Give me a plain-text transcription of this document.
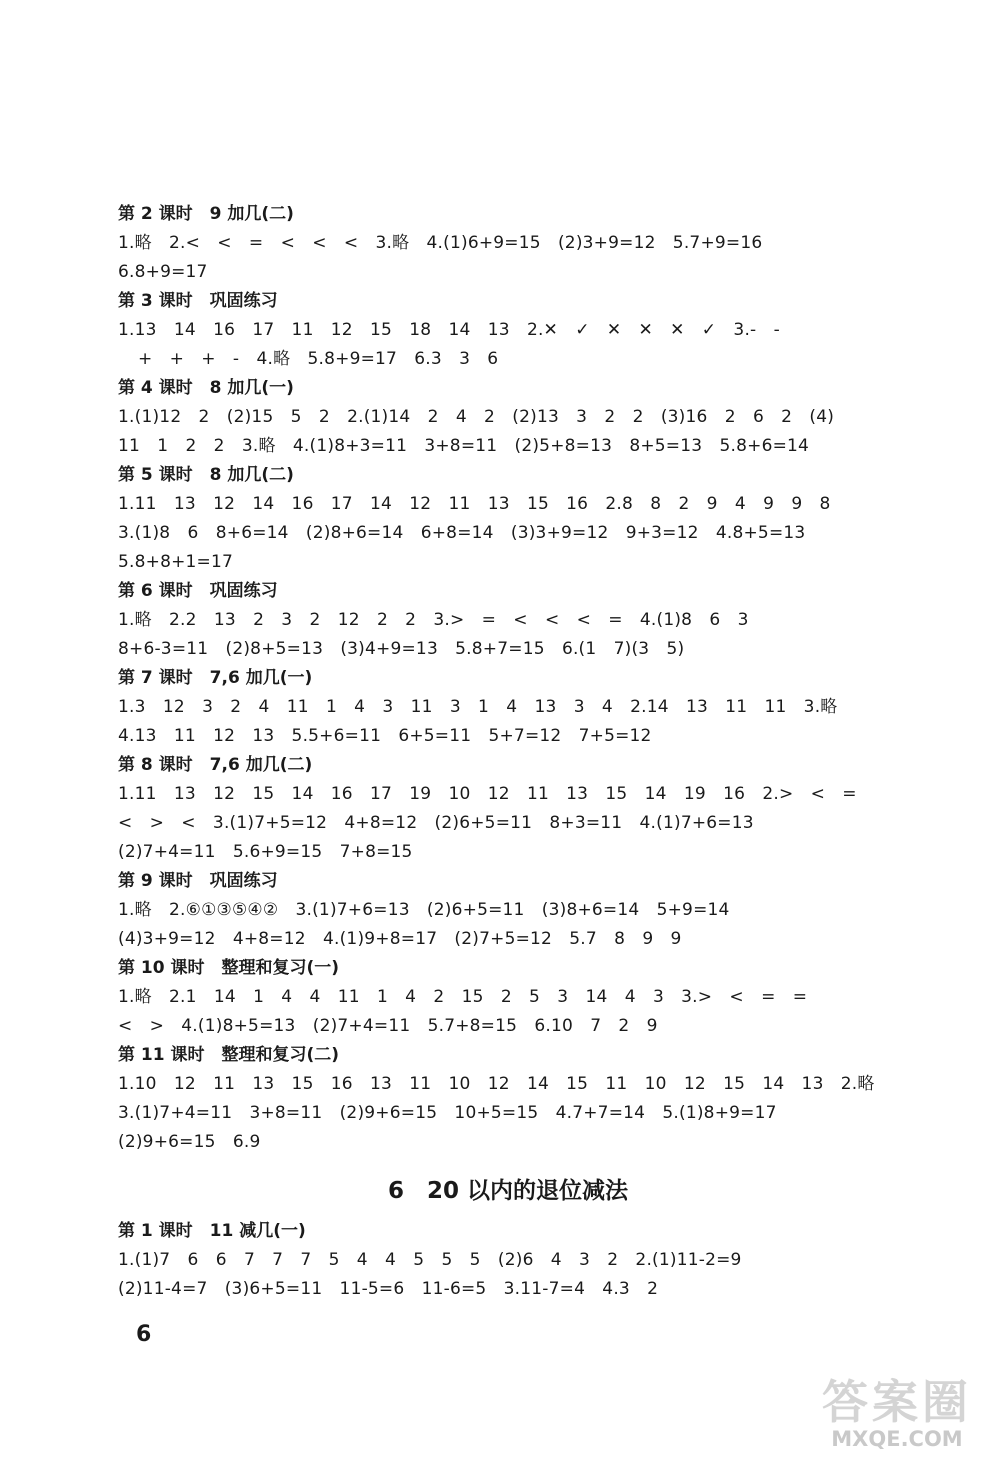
第 2 课时　9 加几(二)
1.略　2.<　<　=　<　<　<　3.略　4.(1)6+9=15　(2)3+9=12　5.7+9=16
6.8+9=17
第 3 课时　巩固练习
1.13　14　16　17　11　12　15　18　14　13　2.✕　✓　✕　✕　✕　✓　3.-　-
+　+　+　-　4.略　5.8+9=17　6.3　3　6
第 4 课时　8 加几(一)
1.(1)12　2　(2)15　5　2　2.(1)14　2　4　2　(2)13　3　2　2　(3)16　2　6　2　(4)
11　1　2　2　3.略　4.(1)8+3=11　3+8=11　(2)5+8=13　8+5=13　5.8+6=14
第 5 课时　8 加几(二)
1.11　13　12　14　16　17　14　12　11　13　15　16　2.8　8　2　9　4　9　9　8
3.(1)8　6　8+6=14　(2)8+6=14　6+8=14　(3)3+9=12　9+3=12　4.8+5=13
5.8+8+1=17
第 6 课时　巩固练习
1.略　2.2　13　2　3　2　12　2　2　3.>　=　<　<　<　=　4.(1)8　6　3
8+6-3=11　(2)8+5=13　(3)4+9=13　5.8+7=15　6.(1　7)(3　5)
第 7 课时　7,6 加几(一)
1.3　12　3　2　4　11　1　4　3　11　3　1　4　13　3　4　2.14　13　11　11　3.略
4.13　11　12　13　5.5+6=11　6+5=11　5+7=12　7+5=12
第 8 课时　7,6 加几(二)
1.11　13　12　15　14　16　17　19　10　12　11　13　15　14　19　16　2.>　<　=
<　>　<　3.(1)7+5=12　4+8=12　(2)6+5=11　8+3=11　4.(1)7+6=13
(2)7+4=11　5.6+9=15　7+8=15
第 9 课时　巩固练习
1.略　2.⑥①③⑤④②　3.(1)7+6=13　(2)6+5=11　(3)8+6=14　5+9=14
(4)3+9=12　4+8=12　4.(1)9+8=17　(2)7+5=12　5.7　8　9　9
第 10 课时　整理和复习(一)
1.略　2.1　14　1　4　4　11　1　4　2　15　2　5　3　14　4　3　3.>　<　=　=
<　>　4.(1)8+5=13　(2)7+4=11　5.7+8=15　6.10　7　2　9
第 11 课时　整理和复习(二)
1.10　12　11　13　15　16　13　11　10　12　14　15　11　10　12　15　14　13　2.略
3.(1)7+4=11　3+8=11　(2)9+6=15　10+5=15　4.7+7=14　5.(1)8+9=17
(2)9+6=15　6.9
6　20 以内的退位减法
第 1 课时　11 减几(一)
1.(1)7　6　6　7　7　7　5　4　4　5　5　5　(2)6　4　3　2　2.(1)11-2=9
(2)11-4=7　(3)6+5=11　11-5=6　11-6=5　3.11-7=4　4.3　2
6
答案圈
MXQE.COM
